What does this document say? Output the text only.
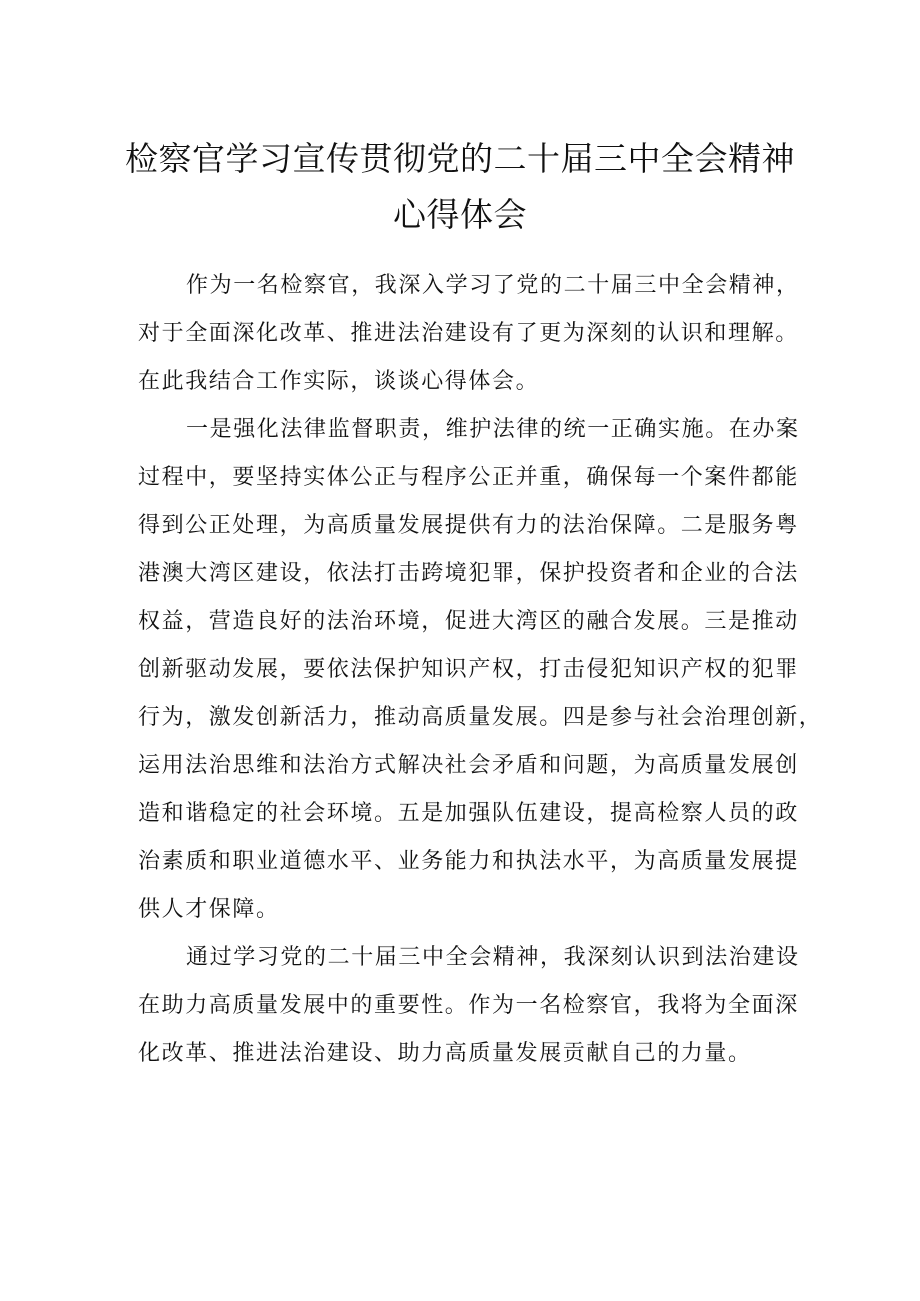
检察官学习宣传贯彻党的二十届三中全会精神
心得体会
作为一名检察官，我深入学习了党的二十届三中全会精神，
对于全面深化改革、推进法治建设有了更为深刻的认识和理解。
在此我结合工作实际，谈谈心得体会。
一是强化法律监督职责，维护法律的统一正确实施。在办案
过程中，要坚持实体公正与程序公正并重，确保每一个案件都能
得到公正处理，为高质量发展提供有力的法治保障。二是服务粤
港澳大湾区建设，依法打击跨境犯罪，保护投资者和企业的合法
权益，营造良好的法治环境，促进大湾区的融合发展。三是推动
创新驱动发展，要依法保护知识产权，打击侵犯知识产权的犯罪
行为，激发创新活力，推动高质量发展。四是参与社会治理创新，
运用法治思维和法治方式解决社会矛盾和问题，为高质量发展创
造和谐稳定的社会环境。五是加强队伍建设，提高检察人员的政
治素质和职业道德水平、业务能力和执法水平，为高质量发展提
供人才保障。
通过学习党的二十届三中全会精神，我深刻认识到法治建设
在助力高质量发展中的重要性。作为一名检察官，我将为全面深
化改革、推进法治建设、助力高质量发展贡献自己的力量。
